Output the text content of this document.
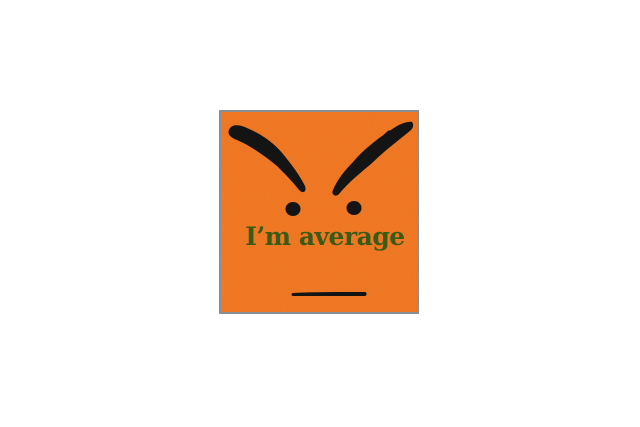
I’m average
